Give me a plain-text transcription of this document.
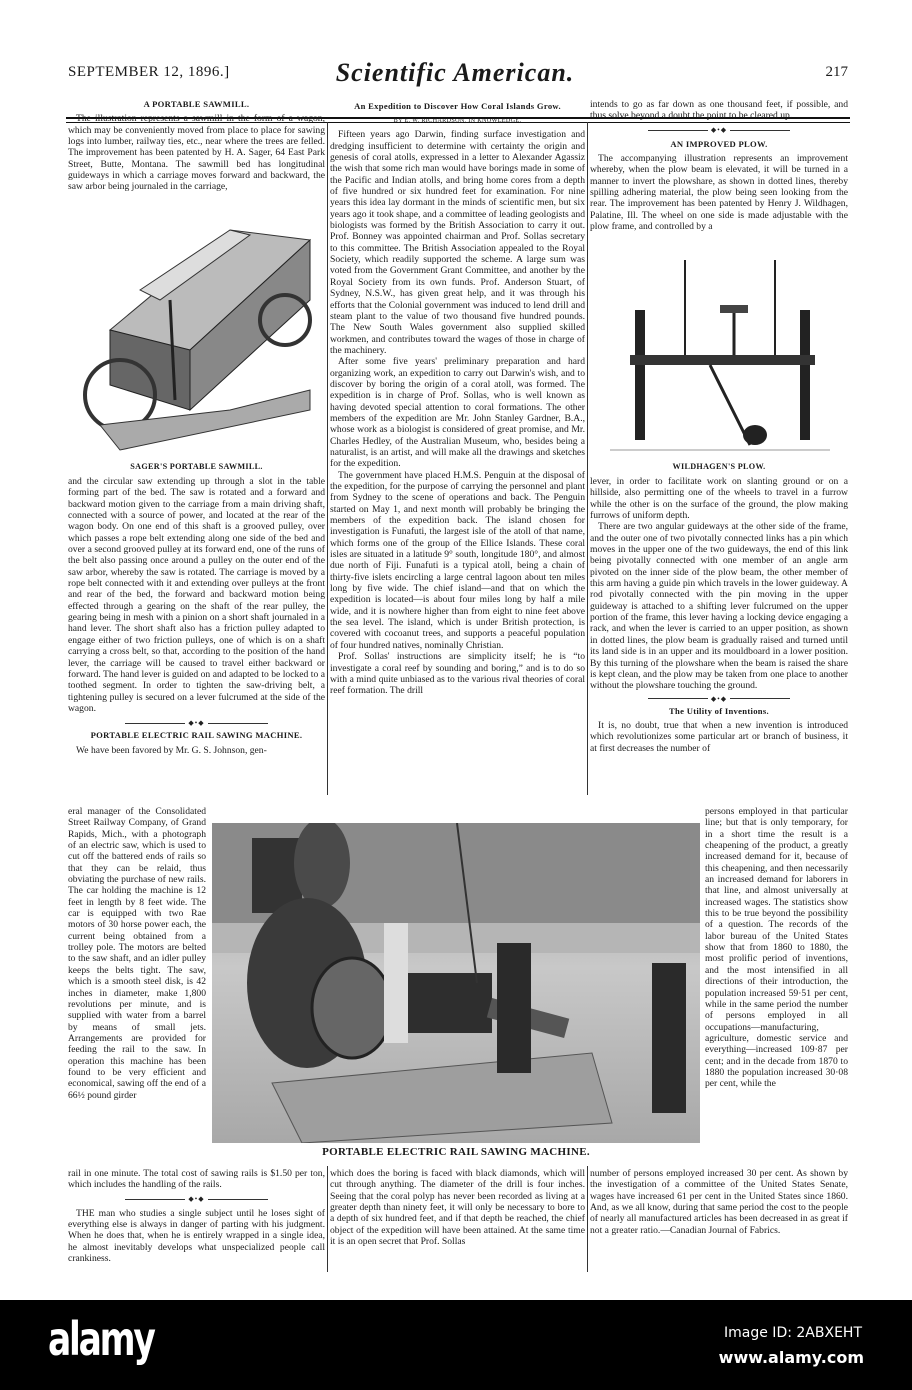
SEPTEMBER 12, 1896.]	Scientific American.	217
A PORTABLE SAWMILL.

The illustration represents a sawmill in the form of a wagon, which may be conveniently moved from place to place for sawing logs into lumber, railway ties, etc., near where the trees are felled. The improvement has been patented by H. A. Sager, 64 East Park Street, Butte, Montana. The sawmill bed has longitudinal guideways in which a carriage moves forward and backward, the saw arbor being journaled in the carriage,

SAGER'S PORTABLE SAWMILL.

and the circular saw extending up through a slot in the table forming part of the bed. The saw is rotated and a forward and backward motion given to the carriage from a main driving shaft, connected with a source of power, and located at the rear of the wagon body. On one end of this shaft is a grooved pulley, over which passes a rope belt extending along one side of the bed and over a second grooved pulley at its forward end, one of the runs of the belt also passing once around a pulley on the outer end of the saw arbor, whereby the saw is rotated. The carriage is moved by a rope belt connected with it and extending over pulleys at the front and rear of the bed, the forward and backward motion being effected through a gearing on the shaft of the rear pulley, the gearing being in mesh with a pinion on a short shaft journaled in a hand lever. The short shaft also has a friction pulley adapted to engage either of two friction pulleys, one of which is on a shaft carrying a cross belt, so that, according to the position of the hand lever, the carriage will be caused to travel either backward or forward. The hand lever is guided on and adapted to be locked to a toothed segment. In order to tighten the saw-driving belt, a tightening pulley is secured on a lever fulcrumed at the side of the wagon.

◆•◆
PORTABLE ELECTRIC RAIL SAWING MACHINE.

We have been favored by Mr. G. S. Johnson, gen-

eral manager of the Consolidated Street Railway Company, of Grand Rapids, Mich., with a photograph of an electric saw, which is used to cut off the battered ends of rails so that they can be relaid, thus obviating the purchase of new rails. The car holding the machine is 12 feet in length by 8 feet wide. The car is equipped with two Rae motors of 30 horse power each, the current being obtained from a trolley pole. The motors are belted to the saw shaft, and an idler pulley keeps the belts tight. The saw, which is a smooth steel disk, is 42 inches in diameter, make 1,800 revolutions per minute, and is supplied with water from a barrel by means of small jets. Arrangements are provided for feeding the rail to the saw. In operation this machine has been found to be very efficient and economical, sawing off the end of a 66½ pound girder

rail in one minute. The total cost of sawing rails is $1.50 per ton, which includes the handling of the rails.

◆•◆

THE man who studies a single subject until he loses sight of everything else is always in danger of parting with his judgment. When he does that, when he is entirely wrapped in a single idea, he almost inevitably develops what unspecialized people call crankiness.

An Expedition to Discover How Coral Islands Grow.
BY E. W. RICHARDSON, IN KNOWLEDGE.

Fifteen years ago Darwin, finding surface investigation and dredging insufficient to determine with certainty the origin and genesis of coral atolls, expressed in a letter to Alexander Agassiz the wish that some rich man would have borings made in some of the Pacific and Indian atolls, and bring home cores from a depth of five hundred or six hundred feet for examination. For nine years this idea lay dormant in the minds of scientific men, but six years ago it took shape, and a committee of leading geologists and biologists was formed by the British Association to carry it out. Prof. Bonney was appointed chairman and Prof. Sollas secretary to this committee. The British Association appealed to the Royal Society, which readily supported the scheme. A large sum was voted from the Government Grant Committee, and another by the Royal Society from its own funds. Prof. Anderson Stuart, of Sydney, N.S.W., has given great help, and it was through his efforts that the Colonial government was induced to lend drill and steam plant to the value of two thousand five hundred pounds. The New South Wales government also supplied skilled workmen, and contributes toward the wages of those in charge of the machinery.

After some five years' preliminary preparation and hard organizing work, an expedition to carry out Darwin's wish, and to discover by boring the origin of a coral atoll, was formed. The expedition is in charge of Prof. Sollas, who is well known as having devoted special attention to coral formations. The other members of the expedition are Mr. John Stanley Gardner, B.A., whose work as a biologist is considered of great promise, and Mr. Charles Hedley, of the Australian Museum, who, besides being a naturalist, is an artist, and will make all the drawings and sketches for the expedition.

The government have placed H.M.S. Penguin at the disposal of the expedition, for the purpose of carrying the personnel and plant from Sydney to the scene of operations and back. The Penguin started on May 1, and next month will probably be bringing the members of the expedition back. The island chosen for investigation is Funafuti, the largest isle of the atoll of that name, which forms one of the group of the Ellice Islands. These coral isles are situated in a latitude 9° south, longitude 180°, and almost due north of Fiji. Funafuti is a typical atoll, being a chain of thirty-five islets encircling a large central lagoon about ten miles long by five wide. The chief island—and that on which the expedition is located—is about four miles long by half a mile wide, and it is nowhere higher than from eight to nine feet above the sea level. The island, which is under British protection, is covered with cocoanut trees, and supports a peaceful population of four hundred natives, nominally Christian.

Prof. Sollas' instructions are simplicity itself; he is “to investigate a coral reef by sounding and boring,” and is to do so with a mind quite unbiased as to the various rival theories of coral reef formation. The drill

which does the boring is faced with black diamonds, which will cut through anything. The diameter of the drill is four inches. Seeing that the coral polyp has never been recorded as living at a greater depth than ninety feet, it will only be necessary to bore to a depth of six hundred feet, and if that depth be reached, the chief object of the expedition will have been attained. At the same time it is an open secret that Prof. Sollas

intends to go as far down as one thousand feet, if possible, and thus solve beyond a doubt the point to be cleared up.

◆•◆
AN IMPROVED PLOW.

The accompanying illustration represents an improvement whereby, when the plow beam is elevated, it will be turned in a manner to invert the plowshare, as shown in dotted lines, thereby spilling adhering material, the plow being seen looking from the rear. The improvement has been patented by Henry J. Wildhagen, Palatine, Ill. The wheel on one side is made adjustable with the plow frame, and controlled by a

WILDHAGEN'S PLOW.

lever, in order to facilitate work on slanting ground or on a hillside, also permitting one of the wheels to travel in a furrow while the other is on the surface of the ground, the plow making furrows of uniform depth.

There are two angular guideways at the other side of the frame, and the outer one of two pivotally connected links has a pin which moves in the upper one of the two guideways, the end of this link being pivotally connected with one member of an angle arm pivoted on the inner side of the plow beam, the other member of this arm having a guide pin which travels in the lower guideway. A rod pivotally connected with the pin moving in the upper guideway is attached to a shifting lever fulcrumed on the upper portion of the frame, this lever having a locking device engaging a rack, and when the lever is carried to an upper position, as shown in dotted lines, the plow beam is gradually raised and turned until its land side is in an upper and its mouldboard in a lower position. By this turning of the plowshare when the beam is raised the share is kept clean, and the plow may be taken from one place to another without the plowshare touching the ground.

◆•◆
The Utility of Inventions.

It is, no doubt, true that when a new invention is introduced which revolutionizes some particular art or branch of business, it at first decreases the number of

persons employed in that particular line; but that is only temporary, for in a short time the result is a cheapening of the product, a greatly increased demand for it, because of this cheapening, and then necessarily an increased demand for laborers in that line, and almost universally at increased wages. The statistics show this to be true beyond the possibility of a question. The records of the labor bureau of the United States show that from 1860 to 1880, the most prolific period of inventions, and the most intensified in all directions of their introduction, the population increased 59·51 per cent, while in the same period the number of persons employed in all occupations—manufacturing, agriculture, domestic service and everything—increased 109·87 per cent; and in the decade from 1870 to 1880 the population increased 30·08 per cent, while the

number of persons employed increased 30 per cent. As shown by the investigation of a committee of the United States Senate, wages have increased 61 per cent in the United States since 1860. And, as we all know, during that same period the cost to the people of nearly all manufactured articles has been decreased in as great if not a greater ratio.—Canadian Journal of Fabrics.

PORTABLE ELECTRIC RAIL SAWING MACHINE.
alamy	Image ID: 2ABXEHT
www.alamy.com
